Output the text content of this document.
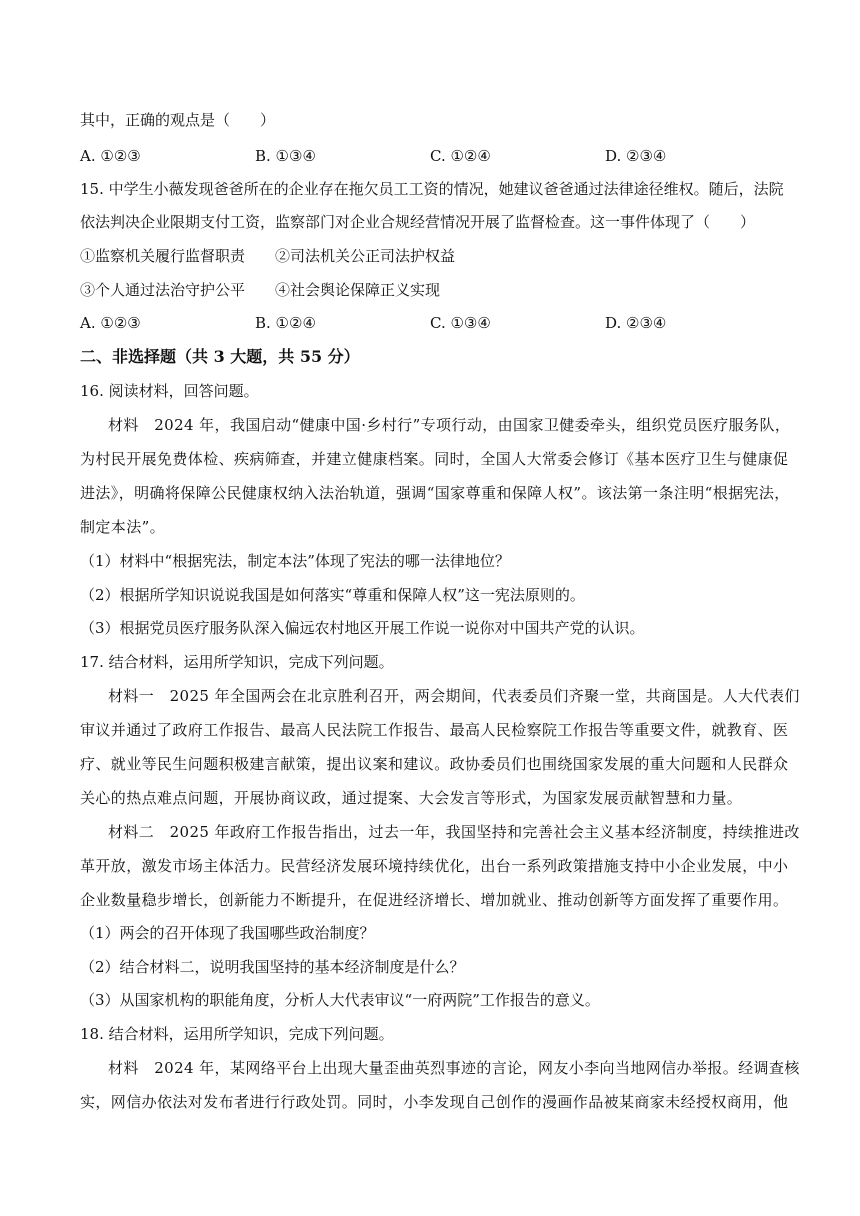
其中，正确的观点是（　　）
A. ①②③	B. ①③④	C. ①②④	D. ②③④
15. 中学生小薇发现爸爸所在的企业存在拖欠员工工资的情况，她建议爸爸通过法律途径维权。随后，法院
依法判决企业限期支付工资，监察部门对企业合规经营情况开展了监督检查。这一事件体现了（　　）
①监察机关履行监督职责 ②司法机关公正司法护权益
③个人通过法治守护公平 ④社会舆论保障正义实现
A. ①②③	B. ①②④	C. ①③④	D. ②③④
二、非选择题（共 3 大题，共 55 分）
16. 阅读材料，回答问题。
材料　2024 年，我国启动“健康中国·乡村行”专项行动，由国家卫健委牵头，组织党员医疗服务队，
为村民开展免费体检、疾病筛查，并建立健康档案。同时，全国人大常委会修订《基本医疗卫生与健康促
进法》，明确将保障公民健康权纳入法治轨道，强调“国家尊重和保障人权”。该法第一条注明“根据宪法，
制定本法”。
（1）材料中“根据宪法，制定本法”体现了宪法的哪一法律地位？
（2）根据所学知识说说我国是如何落实“尊重和保障人权”这一宪法原则的。
（3）根据党员医疗服务队深入偏远农村地区开展工作说一说你对中国共产党的认识。
17. 结合材料，运用所学知识，完成下列问题。
材料一　2025 年全国两会在北京胜利召开，两会期间，代表委员们齐聚一堂，共商国是。人大代表们
审议并通过了政府工作报告、最高人民法院工作报告、最高人民检察院工作报告等重要文件，就教育、医
疗、就业等民生问题积极建言献策，提出议案和建议。政协委员们也围绕国家发展的重大问题和人民群众
关心的热点难点问题，开展协商议政，通过提案、大会发言等形式，为国家发展贡献智慧和力量。
材料二　2025 年政府工作报告指出，过去一年，我国坚持和完善社会主义基本经济制度，持续推进改
革开放，激发市场主体活力。民营经济发展环境持续优化，出台一系列政策措施支持中小企业发展，中小
企业数量稳步增长，创新能力不断提升，在促进经济增长、增加就业、推动创新等方面发挥了重要作用。
（1）两会的召开体现了我国哪些政治制度？
（2）结合材料二，说明我国坚持的基本经济制度是什么？
（3）从国家机构的职能角度，分析人大代表审议“一府两院”工作报告的意义。
18. 结合材料，运用所学知识，完成下列问题。
材料　2024 年，某网络平台上出现大量歪曲英烈事迹的言论，网友小李向当地网信办举报。经调查核
实，网信办依法对发布者进行行政处罚。同时，小李发现自己创作的漫画作品被某商家未经授权商用，他
